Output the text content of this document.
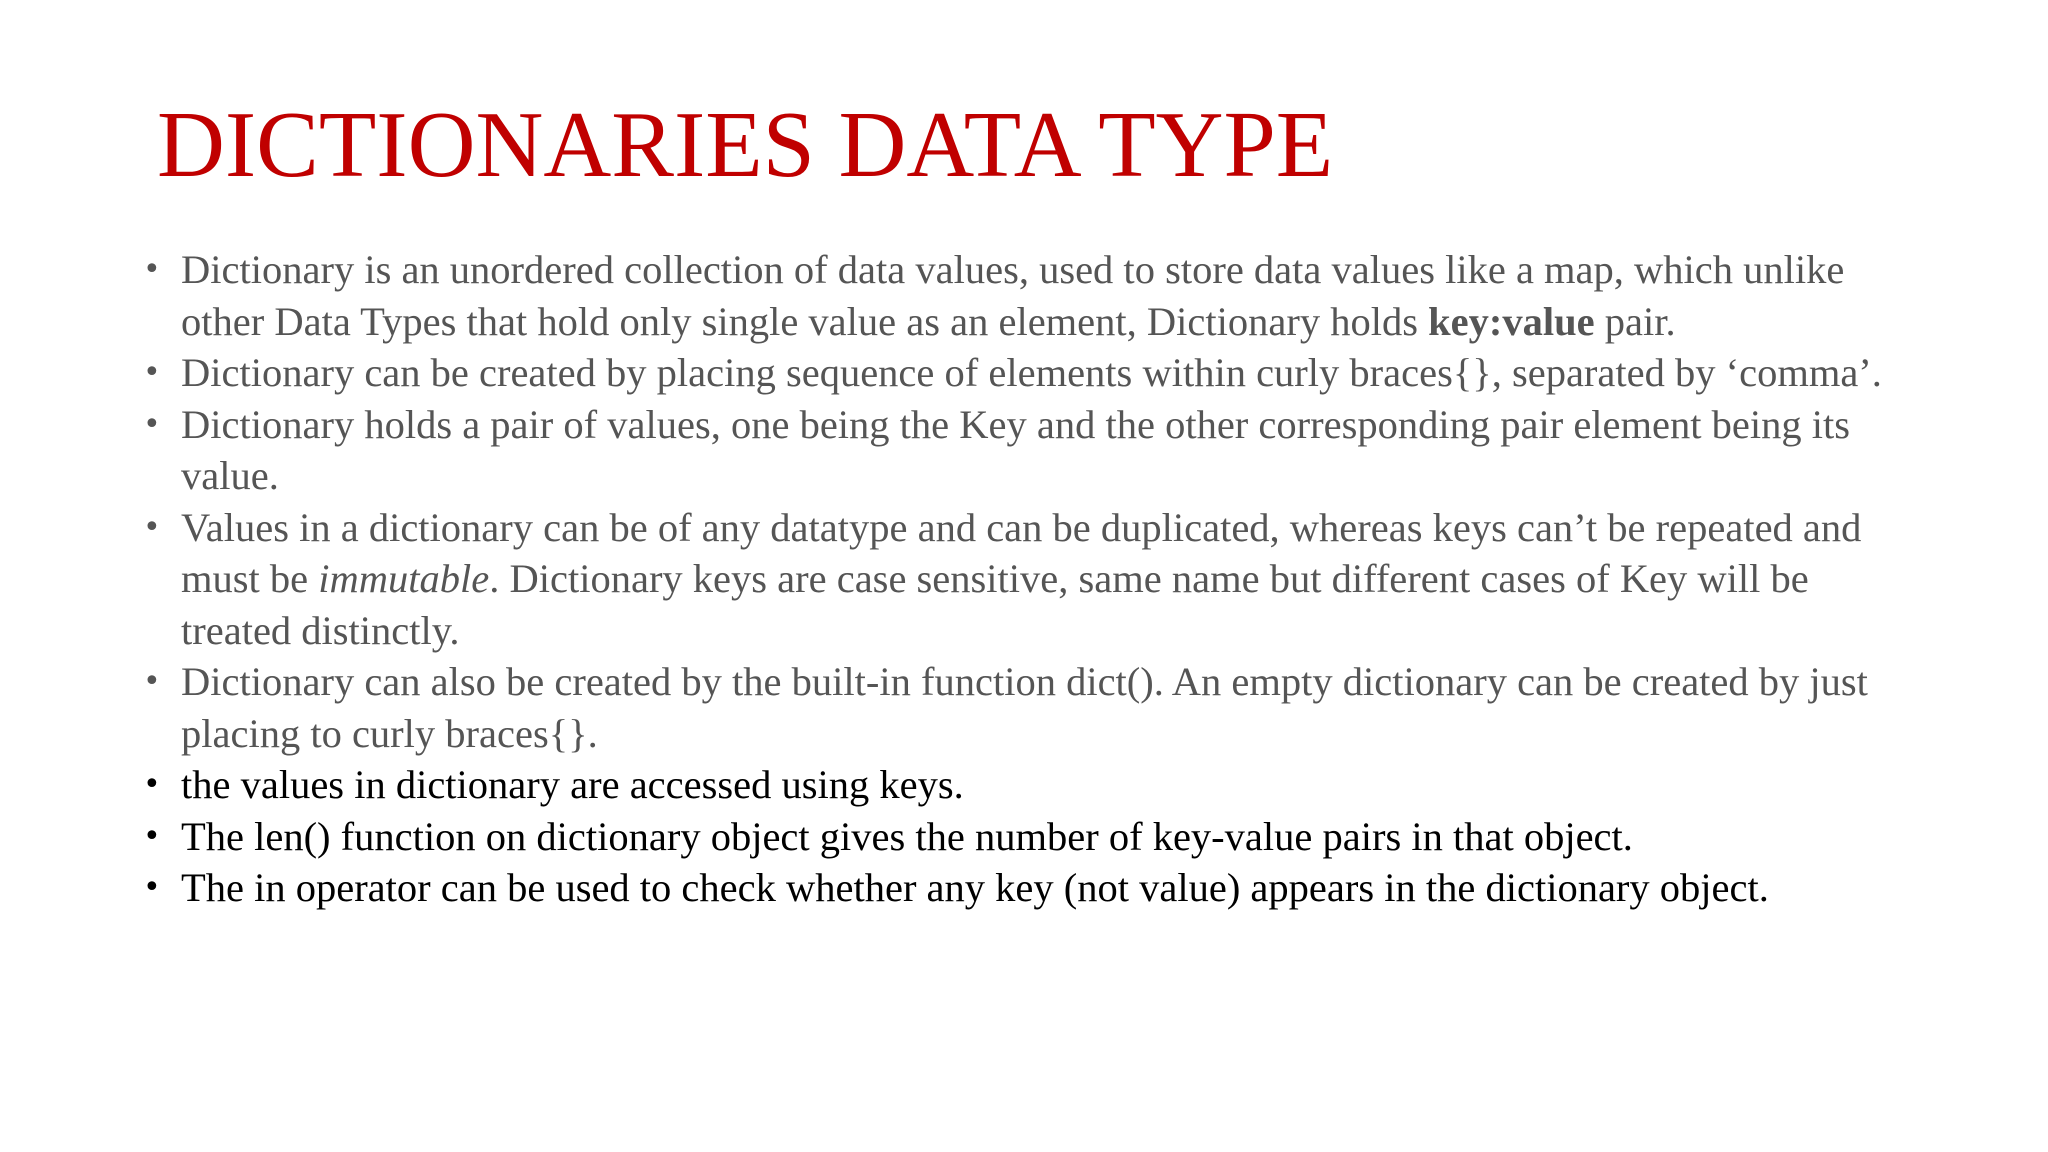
DICTIONARIES DATA TYPE
• Dictionary is an unordered collection of data values, used to store data values like a map, which unlike
other Data Types that hold only single value as an element, Dictionary holds key:value pair.
• Dictionary can be created by placing sequence of elements within curly braces{}, separated by ‘comma’.
• Dictionary holds a pair of values, one being the Key and the other corresponding pair element being its
value.
• Values in a dictionary can be of any datatype and can be duplicated, whereas keys can’t be repeated and
must be immutable. Dictionary keys are case sensitive, same name but different cases of Key will be
treated distinctly.
• Dictionary can also be created by the built-in function dict(). An empty dictionary can be created by just
placing to curly braces{}.
• the values in dictionary are accessed using keys.
• The len() function on dictionary object gives the number of key-value pairs in that object.
• The in operator can be used to check whether any key (not value) appears in the dictionary object.
